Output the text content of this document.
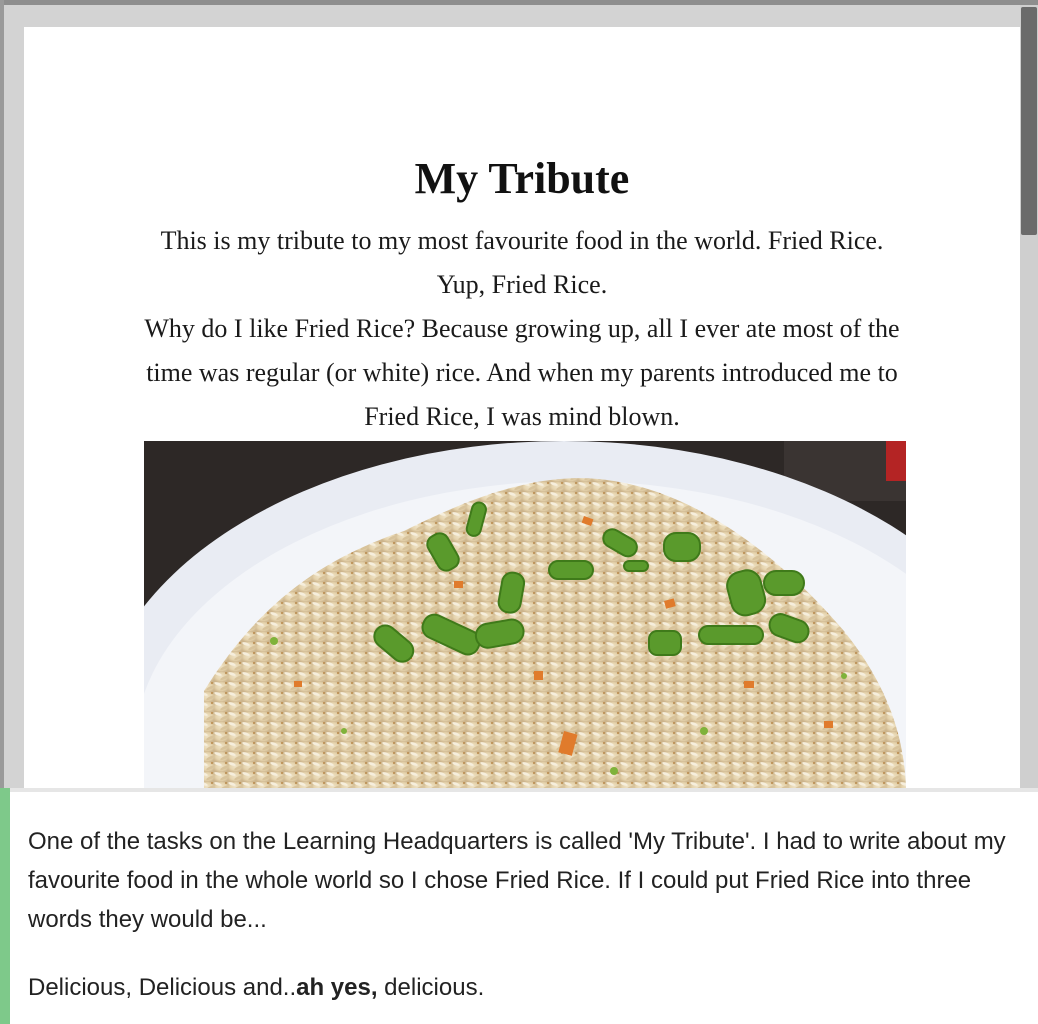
My Tribute

This is my tribute to my most favourite food in the world. Fried Rice. Yup, Fried Rice.

Why do I like Fried Rice? Because growing up, all I ever ate most of the time was regular (or white) rice. And when my parents introduced me to Fried Rice, I was mind blown.

One of the tasks on the Learning Headquarters is called 'My Tribute'. I had to write about my favourite food in the whole world so I chose Fried Rice. If I could put Fried Rice into three words they would be...

Delicious, Delicious and..ah yes, delicious.
